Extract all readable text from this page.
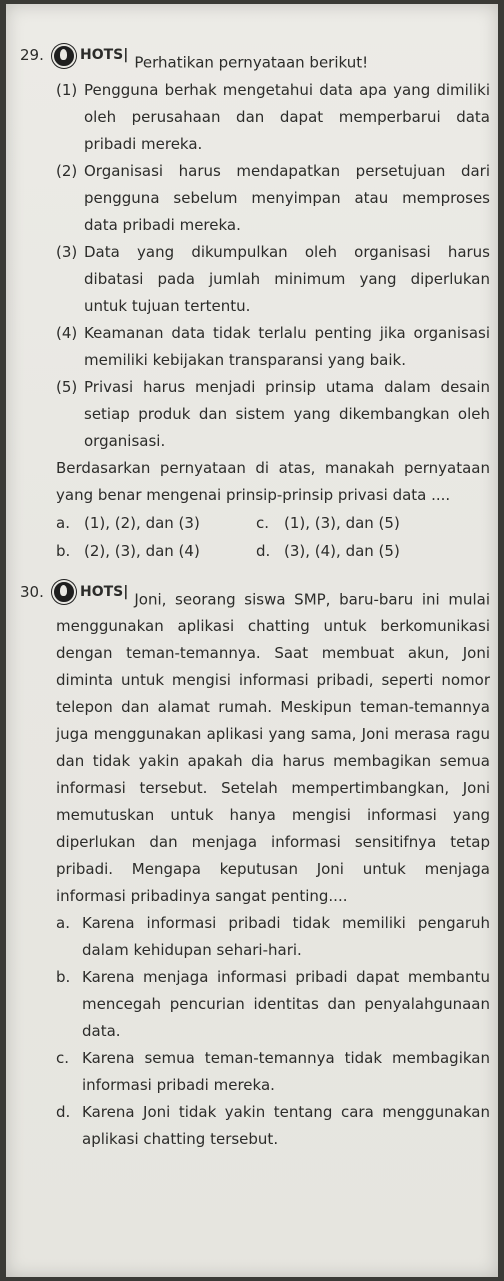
29.	HOTS| Perhatikan pernyataan berikut!
(1) Pengguna berhak mengetahui data apa yang dimiliki oleh perusahaan dan dapat memperbarui data pribadi mereka.
(2) Organisasi harus mendapatkan persetujuan dari pengguna sebelum menyimpan atau memproses data pribadi mereka.
(3) Data yang dikumpulkan oleh organisasi harus dibatasi pada jumlah minimum yang diperlukan untuk tujuan tertentu.
(4) Keamanan data tidak terlalu penting jika organisasi memiliki kebijakan transparansi yang baik.
(5) Privasi harus menjadi prinsip utama dalam desain setiap produk dan sistem yang dikembangkan oleh organisasi.
Berdasarkan pernyataan di atas, manakah pernyataan yang benar mengenai prinsip-prinsip privasi data ....
a. (1), (2), dan (3)	c. (1), (3), dan (5)
b. (2), (3), dan (4)	d. (3), (4), dan (5)
30.	HOTS| Joni, seorang siswa SMP, baru-baru ini mulai menggunakan aplikasi chatting untuk berkomunikasi dengan teman-temannya. Saat membuat akun, Joni diminta untuk mengisi informasi pribadi, seperti nomor telepon dan alamat rumah. Meskipun teman-temannya juga menggunakan aplikasi yang sama, Joni merasa ragu dan tidak yakin apakah dia harus membagikan semua informasi tersebut. Setelah mempertimbangkan, Joni memutuskan untuk hanya mengisi informasi yang diperlukan dan menjaga informasi sensitifnya tetap pribadi. Mengapa keputusan Joni untuk menjaga informasi pribadinya sangat penting....
a. Karena informasi pribadi tidak memiliki pengaruh dalam kehidupan sehari-hari.
b. Karena menjaga informasi pribadi dapat membantu mencegah pencurian identitas dan penyalahgunaan data.
c. Karena semua teman-temannya tidak membagikan informasi pribadi mereka.
d. Karena Joni tidak yakin tentang cara menggunakan aplikasi chatting tersebut.
